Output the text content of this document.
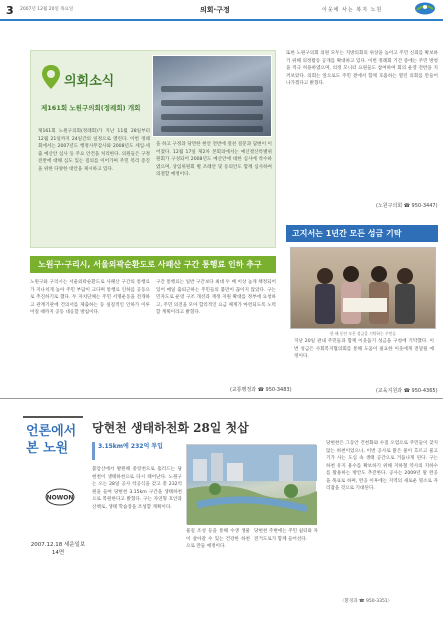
3 2007년 12월 20일 목요일	의회·구정	이웃에 사는 복지 노원
의회소식
제161회 노원구의회(정례회) 개회
제161회 노원구의회(정례회)가 지난 11월 28일부터 12월 21일까지 24일간의 일정으로 열린다. 이번 정례회에서는 2007년도 행정사무감사와 2008년도 세입·세출 예산안 심사 등 주요 안건을 처리한다. 의원들은 구정 전반에 대해 심도 있는 질의를 이어가며 주민 복리 증진을 위한 다양한 대안을 제시하고 있다.
을 하고 구정과 당면한 현안 전반에 걸친 질문과 답변이 이어졌다. 12월 17일 제2차 본회의에서는 예산결산특별위원회가 구성되어 2008년도 예산안에 대한 심사에 착수하였으며, 상임위원회 별 조례안 및 동의안도 함께 심사하여 의결할 예정이다.
또한 노원구의회 의원 모두는 지방의회의 위상을 높이고 주민 신뢰를 확보하기 위해 의정활동 공개를 확대하고 있다. 이번 정례회 기간 중에는 주민 방청을 적극 허용하였으며, 의정 모니터 요원들도 참여하여 회의 운영 전반을 지켜보았다. 의회는 앞으로도 주민 곁에서 함께 호흡하는 열린 의회를 만들어 나가겠다고 밝혔다.
(노원구의회 ☎ 950-3447)
노원구·구리시, 서울외곽순환도로 사패산 구간 통행료 인하 추구
노원구와 구리시는 서울외곽순환도로 사패산 구간의 통행료가 지나치게 높아 주민 부담이 크다며 통행료 인하를 공동으로 추진하기로 했다. 두 자치단체는 주민 서명운동을 전개하고 관계기관에 건의서를 제출하는 등 실질적인 인하가 이루어질 때까지 공동 대응할 방침이다.
구간 통행료는 일반 구간보다 최대 두 배 이상 높게 책정되어 있어 매일 출퇴근하는 주민들의 불만이 끊이지 않았다. 구는 민자도로 운영 구조 개선과 재정 지원 확대를 정부에 요청하고, 주민 의견을 모아 합리적인 요금 체계가 마련되도록 노력할 계획이라고 밝혔다.
(교통행정과 ☎ 950-3483)
고지서는 1년간 모든 성금 기탁
한 해 동안 모은 성금을 기탁하는 주민들
지난 20일 관내 주민들과 함께 이웃돕기 성금을 구청에 기탁했다. 이번 성금은 사회복지협의회를 통해 도움이 필요한 이웃에게 전달될 예정이다.
(교육지원과 ☎ 950-4365)
언론에서 본 노원
NOWON
2007.12.18 세운일보 14면
당현천 생태하천화 28일 첫삽
3.15km에 232억 투입
불암산에서 발원해 중랑천으로 흘러드는 당현천이 생태하천으로 다시 태어난다. 노원구는 오는 28일 공사 착공식을 갖고 총 232억원을 들여 당현천 3.15km 구간을 생태하천으로 복원한다고 밝혔다. 구는 자연형 호안과 산책로, 생태 학습장을 조성할 계획이다.
물길 조성 등을 통해 수생 생물이 살아갈 수 있는 건강한 하천으로 만들 예정이다.
당현천 주변에는 주민 쉼터와 자전거도로가 함께 들어선다.
당현천은 그동안 건천화와 수질 오염으로 주민들이 찾지 않는 하천이었으나, 이번 공사로 맑은 물이 흐르고 물고기가 사는 도심 속 생태 공간으로 거듭나게 된다. 구는 하천 유지 용수를 확보하기 위해 지하철 역사의 지하수를 활용하는 방안도 추진한다. 공사는 2009년 말 완공을 목표로 하며, 완공 이후에는 지역의 새로운 명소로 자리잡을 것으로 기대된다.
〈환경과 ☎ 950-3351〉
